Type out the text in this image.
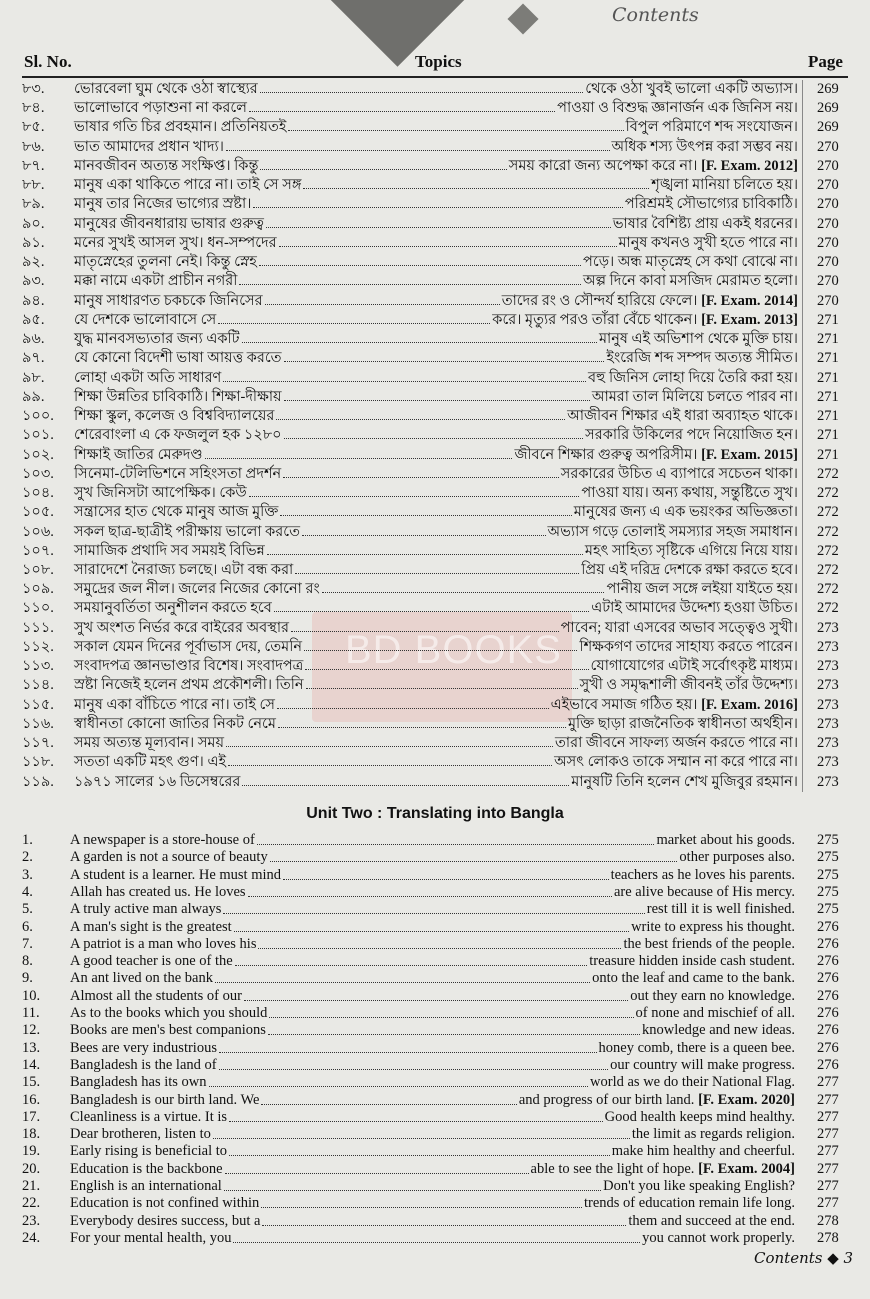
Contents
Sl. No.	Topics	Page
BD BOOKS
৮৩.	ভোরবেলা ঘুম থেকে ওঠা স্বাস্থ্যের	থেকে ওঠা খুবই ভালো একটি অভ্যাস। 269
৮৪.	ভালোভাবে পড়াশুনা না করলে	পাওয়া ও বিশুদ্ধ জ্ঞানার্জন এক জিনিস নয়। 269
৮৫.	ভাষার গতি চির প্রবহমান। প্রতিনিয়তই	বিপুল পরিমাণে শব্দ সংযোজন। 269
৮৬.	ভাত আমাদের প্রধান খাদ্য।	অধিক শস্য উৎপন্ন করা সম্ভব নয়। 270
৮৭.	মানবজীবন অত্যন্ত সংক্ষিপ্ত। কিন্তু	সময় কারো জন্য অপেক্ষা করে না। [F. Exam. 2012] 270
৮৮.	মানুষ একা থাকিতে পারে না। তাই সে সঙ্গ	শৃঙ্খলা মানিয়া চলিতে হয়। 270
৮৯.	মানুষ তার নিজের ভাগ্যের স্রষ্টা।	পরিশ্রমই সৌভাগ্যের চাবিকাঠি। 270
৯০.	মানুষের জীবনধারায় ভাষার গুরুত্ব	ভাষার বৈশিষ্ট্য প্রায় একই ধরনের। 270
৯১.	মনের সুখই আসল সুখ। ধন-সম্পদের	মানুষ কখনও সুখী হতে পারে না। 270
৯২.	মাতৃস্নেহের তুলনা নেই। কিন্তু স্নেহ	পড়ে। অন্ধ মাতৃস্নেহ সে কথা বোঝে না। 270
৯৩.	মক্কা নামে একটা প্রাচীন নগরী	অল্প দিনে কাবা মসজিদ মেরামত হলো। 270
৯৪.	মানুষ সাধারণত চকচকে জিনিসের	তাদের রং ও সৌন্দর্য হারিয়ে ফেলে। [F. Exam. 2014] 270
৯৫.	যে দেশকে ভালোবাসে সে	করে। মৃত্যুর পরও তাঁরা বেঁচে থাকেন। [F. Exam. 2013] 271
৯৬.	যুদ্ধ মানবসভ্যতার জন্য একটি	মানুষ এই অভিশাপ থেকে মুক্তি চায়। 271
৯৭.	যে কোনো বিদেশী ভাষা আয়ত্ত করতে	ইংরেজি শব্দ সম্পদ অত্যন্ত সীমিত। 271
৯৮.	লোহা একটা অতি সাধারণ	বহু জিনিস লোহা দিয়ে তৈরি করা হয়। 271
৯৯.	শিক্ষা উন্নতির চাবিকাঠি। শিক্ষা-দীক্ষায়	আমরা তাল মিলিয়ে চলতে পারব না। 271
১০০.	শিক্ষা স্কুল, কলেজ ও বিশ্ববিদ্যালয়ের	আজীবন শিক্ষার এই ধারা অব্যাহত থাকে। 271
১০১.	শেরেবাংলা এ কে ফজলুল হক ১২৮০	সরকারি উকিলের পদে নিয়োজিত হন। 271
১০২.	শিক্ষাই জাতির মেরুদণ্ড	জীবনে শিক্ষার গুরুত্ব অপরিসীম। [F. Exam. 2015] 271
১০৩.	সিনেমা-টেলিভিশনে সহিংসতা প্রদর্শন	সরকারের উচিত এ ব্যাপারে সচেতন থাকা। 272
১০৪.	সুখ জিনিসটা আপেক্ষিক। কেউ	পাওয়া যায়। অন্য কথায়, সন্তুষ্টিতে সুখ। 272
১০৫.	সন্ত্রাসের হাত থেকে মানুষ আজ মুক্তি	মানুষের জন্য এ এক ভয়ংকর অভিজ্ঞতা। 272
১০৬.	সকল ছাত্র-ছাত্রীই পরীক্ষায় ভালো করতে	অভ্যাস গড়ে তোলাই সমস্যার সহজ সমাধান। 272
১০৭.	সামাজিক প্রথাদি সব সময়ই বিভিন্ন	মহৎ সাহিত্য সৃষ্টিকে এগিয়ে নিয়ে যায়। 272
১০৮.	সারাদেশে নৈরাজ্য চলছে। এটা বন্ধ করা	প্রিয় এই দরিদ্র দেশকে রক্ষা করতে হবে। 272
১০৯.	সমুদ্রের জল নীল। জলের নিজের কোনো রং	পানীয় জল সঙ্গে লইয়া যাইতে হয়। 272
১১০.	সময়ানুবর্তিতা অনুশীলন করতে হবে	এটাই আমাদের উদ্দেশ্য হওয়া উচিত। 272
১১১.	সুখ অংশত নির্ভর করে বাইরের অবস্থার	পাবেন; যারা এসবের অভাব সত্ত্বেও সুখী। 273
১১২.	সকাল যেমন দিনের পূর্বাভাস দেয়, তেমনি	শিক্ষকগণ তাদের সাহায্য করতে পারেন। 273
১১৩.	সংবাদপত্র জ্ঞানভাণ্ডার বিশেষ। সংবাদপত্র	যোগাযোগের এটাই সর্বোৎকৃষ্ট মাধ্যম। 273
১১৪.	স্রষ্টা নিজেই হলেন প্রথম প্রকৌশলী। তিনি	সুখী ও সমৃদ্ধশালী জীবনই তাঁর উদ্দেশ্য। 273
১১৫.	মানুষ একা বাঁচিতে পারে না। তাই সে	এইভাবে সমাজ গঠিত হয়। [F. Exam. 2016] 273
১১৬.	স্বাধীনতা কোনো জাতির নিকট নেমে	মুক্তি ছাড়া রাজনৈতিক স্বাধীনতা অর্থহীন। 273
১১৭.	সময় অত্যন্ত মূল্যবান। সময়	তারা জীবনে সাফল্য অর্জন করতে পারে না। 273
১১৮.	সততা একটি মহৎ গুণ। এই	অসৎ লোকও তাকে সম্মান না করে পারে না। 273
১১৯.	১৯৭১ সালের ১৬ ডিসেম্বরের	মানুষটি তিনি হলেন শেখ মুজিবুর রহমান। 273
Unit Two : Translating into Bangla
1.	A newspaper is a store-house of	market about his goods. 275
2.	A garden is not a source of beauty	other purposes also. 275
3.	A student is a learner. He must mind	teachers as he loves his parents. 275
4.	Allah has created us. He loves	are alive because of His mercy. 275
5.	A truly active man always	rest till it is well finished. 275
6.	A man's sight is the greatest	write to express his thought. 276
7.	A patriot is a man who loves his	the best friends of the people. 276
8.	A good teacher is one of the	treasure hidden inside cash student. 276
9.	An ant lived on the bank	onto the leaf and came to the bank. 276
10.	Almost all the students of our	out they earn no knowledge. 276
11.	As to the books which you should	of none and mischief of all. 276
12.	Books are men's best companions	knowledge and new ideas. 276
13.	Bees are very industrious	honey comb, there is a queen bee. 276
14.	Bangladesh is the land of	our country will make progress. 276
15.	Bangladesh has its own	world as we do their National Flag. 277
16.	Bangladesh is our birth land. We	and progress of our birth land. [F. Exam. 2020] 277
17.	Cleanliness is a virtue. It is	Good health keeps mind healthy. 277
18.	Dear brotheren, listen to	the limit as regards religion. 277
19.	Early rising is beneficial to	make him healthy and cheerful. 277
20.	Education is the backbone	able to see the light of hope. [F. Exam. 2004] 277
21.	English is an international	Don't you like speaking English? 277
22.	Education is not confined within	trends of education remain life long. 277
23.	Everybody desires success, but a	them and succeed at the end. 278
24.	For your mental health, you	you cannot work properly. 278
Contents ◆ 3
